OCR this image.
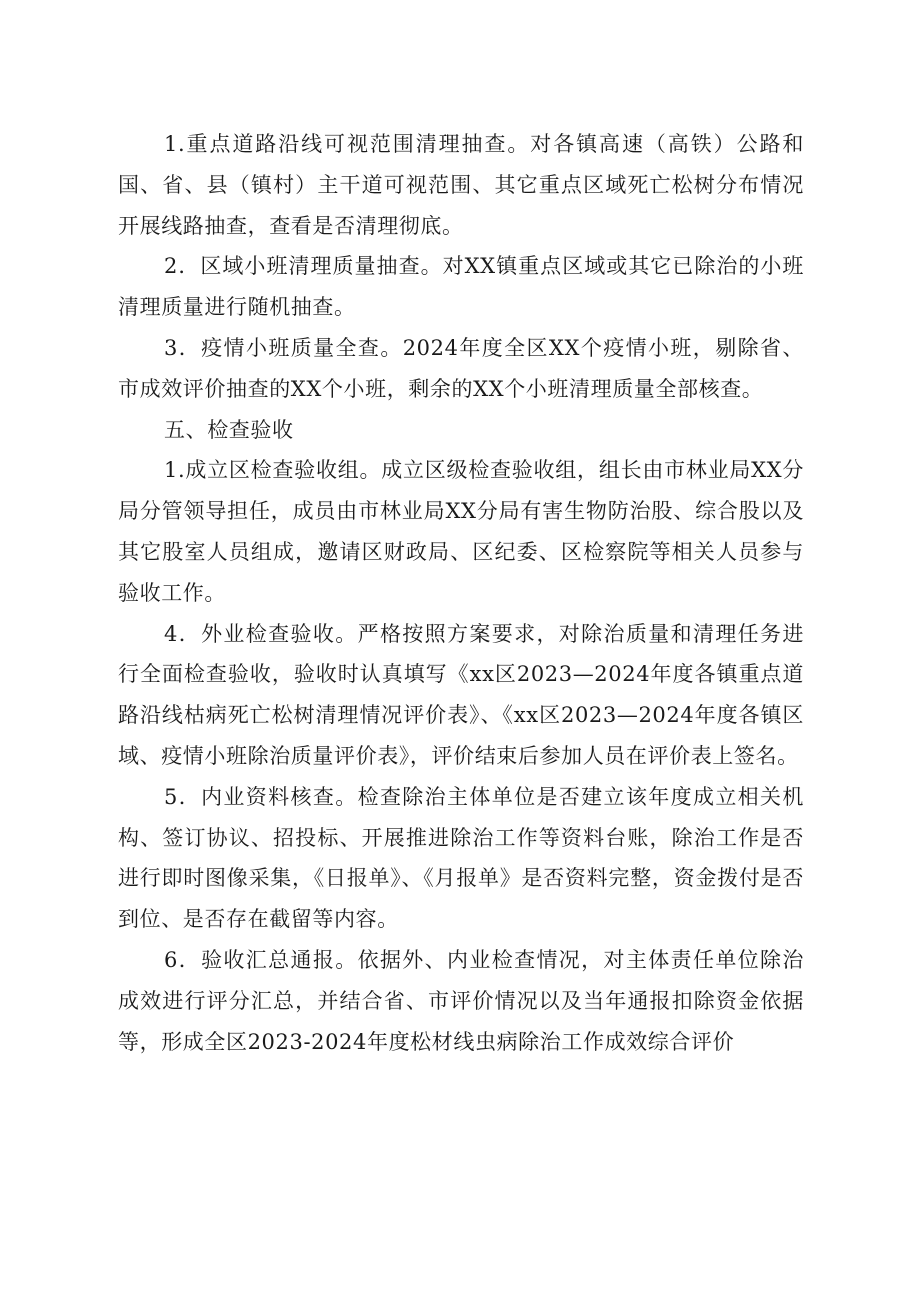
1.重点道路沿线可视范围清理抽查。对各镇高速（高铁）公路和国、省、县（镇村）主干道可视范围、其它重点区域死亡松树分布情况开展线路抽查，查看是否清理彻底。

2．区域小班清理质量抽查。对XX镇重点区域或其它已除治的小班清理质量进行随机抽查。

3．疫情小班质量全查。2024年度全区XX个疫情小班，剔除省、市成效评价抽查的XX个小班，剩余的XX个小班清理质量全部核查。

五、检查验收

1.成立区检查验收组。成立区级检查验收组，组长由市林业局XX分局分管领导担任，成员由市林业局XX分局有害生物防治股、综合股以及其它股室人员组成，邀请区财政局、区纪委、区检察院等相关人员参与验收工作。

4．外业检查验收。严格按照方案要求，对除治质量和清理任务进行全面检查验收，验收时认真填写《xx区2023—2024年度各镇重点道路沿线枯病死亡松树清理情况评价表》、《xx区2023—2024年度各镇区域、疫情小班除治质量评价表》，评价结束后参加人员在评价表上签名。

5．内业资料核查。检查除治主体单位是否建立该年度成立相关机构、签订协议、招投标、开展推进除治工作等资料台账，除治工作是否进行即时图像采集，《日报单》、《月报单》是否资料完整，资金拨付是否到位、是否存在截留等内容。

6．验收汇总通报。依据外、内业检查情况，对主体责任单位除治成效进行评分汇总，并结合省、市评价情况以及当年通报扣除资金依据等，形成全区2023-2024年度松材线虫病除治工作成效综合评价
